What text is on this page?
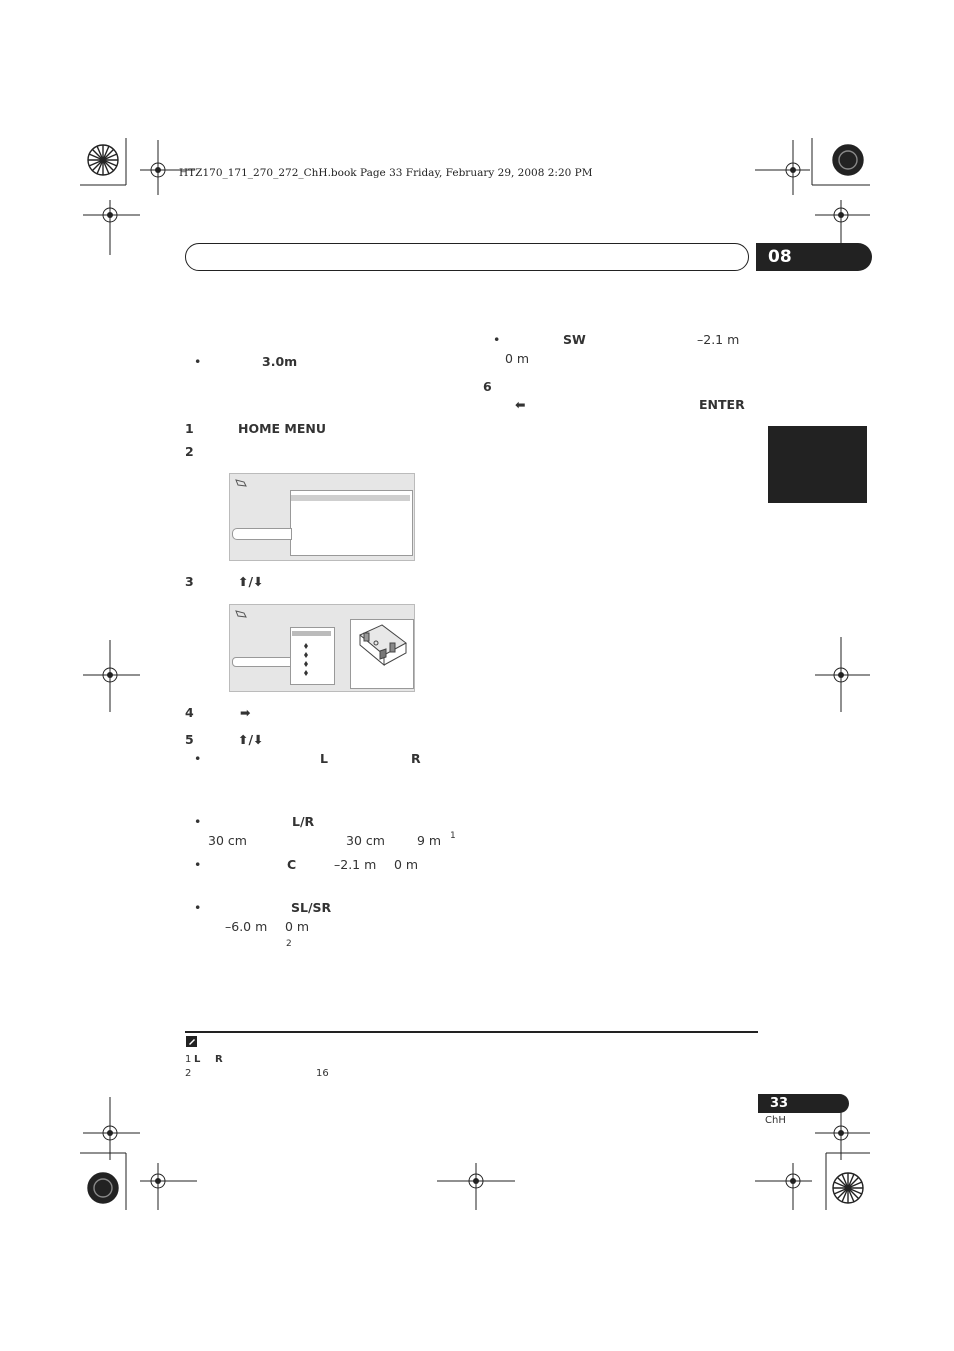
HTZ170_171_270_272_ChH.book Page 33 Friday, February 29, 2008 2:20 PM
08
•	3.0m
1	HOME MENU
2
3	⬆/⬇
4	➡
5	⬆/⬇
•	L	R
•	L/R
30 cm	30 cm	9 m 1
•	C	–2.1 m 0 m
•	SL/SR
–6.0 m 0 m
2
•	SW	–2.1 m
0 m
6
⬅	ENTER
1 L R
2	16
33
ChH
